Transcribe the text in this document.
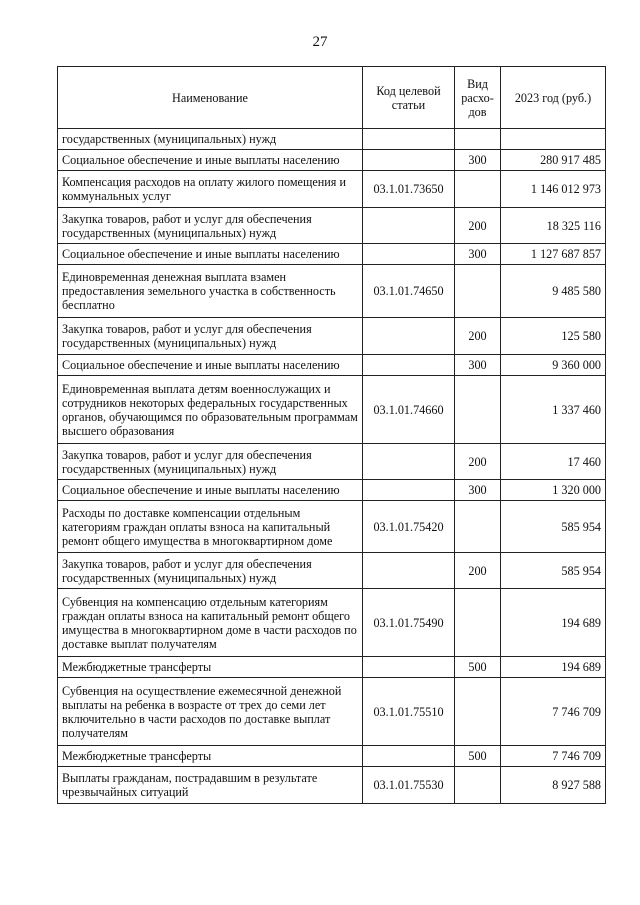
27
Наименование	Код целевой статьи	Вид расхо-дов	2023 год (руб.)
государственных (муниципальных) нужд			
Социальное обеспечение и иные выплаты населению		300	280 917 485
Компенсация расходов на оплату жилого помещения и коммунальных услуг	03.1.01.73650		1 146 012 973
Закупка товаров, работ и услуг для обеспечения государственных (муниципальных) нужд		200	18 325 116
Социальное обеспечение и иные выплаты населению		300	1 127 687 857
Единовременная денежная выплата взамен предоставления земельного участка в собственность бесплатно	03.1.01.74650		9 485 580
Закупка товаров, работ и услуг для обеспечения государственных (муниципальных) нужд		200	125 580
Социальное обеспечение и иные выплаты населению		300	9 360 000
Единовременная выплата детям военнослужащих и сотрудников некоторых федеральных государственных органов, обучающимся по образовательным программам высшего образования	03.1.01.74660		1 337 460
Закупка товаров, работ и услуг для обеспечения государственных (муниципальных) нужд		200	17 460
Социальное обеспечение и иные выплаты населению		300	1 320 000
Расходы по доставке компенсации отдельным категориям граждан оплаты взноса на капитальный ремонт общего имущества в многоквартирном доме	03.1.01.75420		585 954
Закупка товаров, работ и услуг для обеспечения государственных (муниципальных) нужд		200	585 954
Субвенция на компенсацию отдельным категориям граждан оплаты взноса на капитальный ремонт общего имущества в многоквартирном доме в части расходов по доставке выплат получателям	03.1.01.75490		194 689
Межбюджетные трансферты		500	194 689
Субвенция на осуществление ежемесячной денежной выплаты на ребенка в возрасте от трех до семи лет включительно в части расходов по доставке выплат получателям	03.1.01.75510		7 746 709
Межбюджетные трансферты		500	7 746 709
Выплаты гражданам, пострадавшим в результате чрезвычайных ситуаций	03.1.01.75530		8 927 588
